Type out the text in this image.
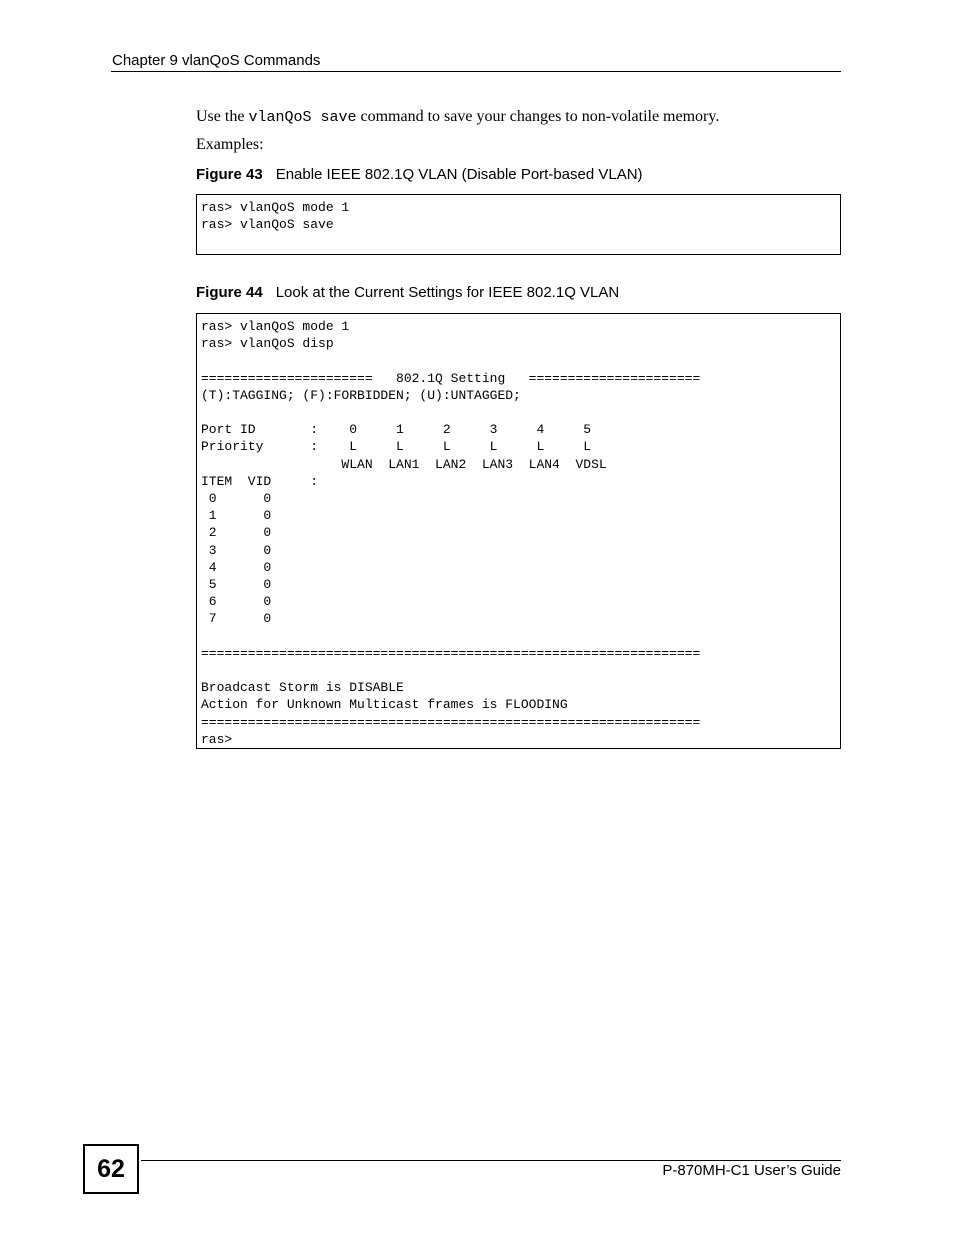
Chapter 9 vlanQoS Commands
Use the vlanQoS save command to save your changes to non-volatile memory.
Examples:
Figure 43 Enable IEEE 802.1Q VLAN (Disable Port-based VLAN)
ras> vlanQoS mode 1
ras> vlanQoS save

Figure 44 Look at the Current Settings for IEEE 802.1Q VLAN
ras> vlanQoS mode 1
ras> vlanQoS disp

======================   802.1Q Setting   ======================
(T):TAGGING; (F):FORBIDDEN; (U):UNTAGGED;

Port ID       :    0     1     2     3     4     5
Priority      :    L     L     L     L     L     L
WLAN  LAN1  LAN2  LAN3  LAN4  VDSL
ITEM  VID     :
0      0
1      0
2      0
3      0
4      0
5      0
6      0
7      0

================================================================

Broadcast Storm is DISABLE
Action for Unknown Multicast frames is FLOODING
================================================================
ras>

62	P-870MH-C1 User’s Guide
